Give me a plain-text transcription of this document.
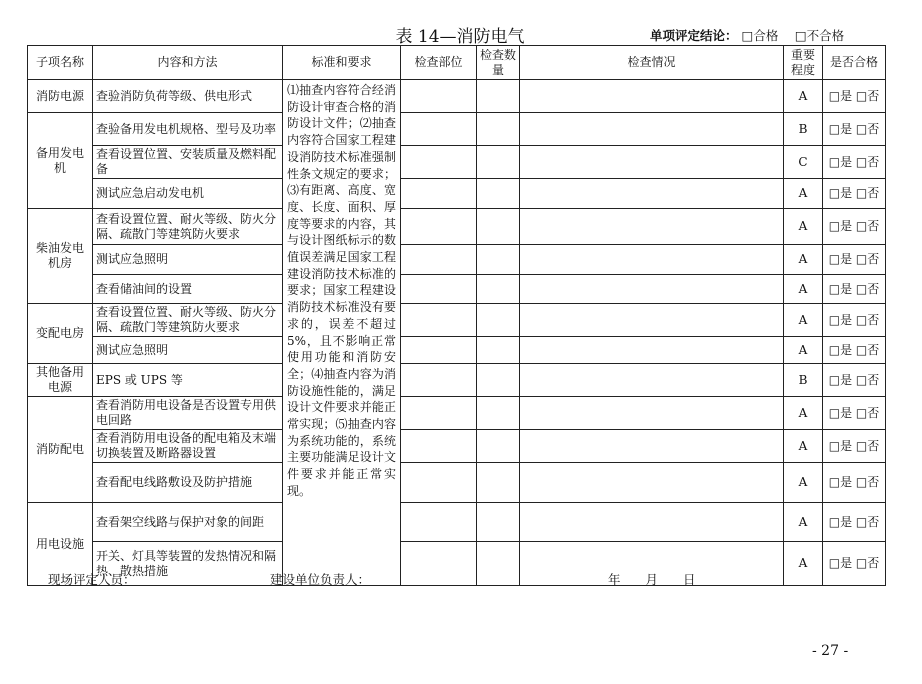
表 14—消防电气	单项评定结论： □合格　 □不合格
子项名称	内容和方法	标准和要求	检查部位	检查数量	检查情况	重要程度	是否合格
消防电源	查验消防负荷等级、供电形式	⑴抽查内容符合经消防设计审查合格的消防设计文件；⑵抽查内容符合国家工程建设消防技术标准强制性条文规定的要求；⑶有距离、高度、宽度、长度、面积、厚度等要求的内容，其与设计图纸标示的数值误差满足国家工程建设消防技术标准的要求；国家工程建设消防技术标准没有要求的，误差不超过5%，且不影响正常使用功能和消防安全；⑷抽查内容为消防设施性能的，满足设计文件要求并能正常实现；⑸抽查内容为系统功能的，系统主要功能满足设计文件要求并能正常实现。				A	□是 □否
备用发电机	查验备用发电机规格、型号及功率					B	□是 □否
	查看设置位置、安装质量及燃料配备					C	□是 □否
	测试应急启动发电机					A	□是 □否
柴油发电机房	查看设置位置、耐火等级、防火分隔、疏散门等建筑防火要求					A	□是 □否
	测试应急照明					A	□是 □否
	查看储油间的设置					A	□是 □否
变配电房	查看设置位置、耐火等级、防火分隔、疏散门等建筑防火要求					A	□是 □否
	测试应急照明					A	□是 □否
其他备用电源	EPS 或 UPS 等					B	□是 □否
消防配电	查看消防用电设备是否设置专用供电回路					A	□是 □否
	查看消防用电设备的配电箱及末端切换装置及断路器设置					A	□是 □否
	查看配电线路敷设及防护措施					A	□是 □否
用电设施	查看架空线路与保护对象的间距					A	□是 □否
	开关、灯具等装置的发热情况和隔热、散热措施					A	□是 □否
现场评定人员：	建设单位负责人：	年　　月　　日
- 27 -
